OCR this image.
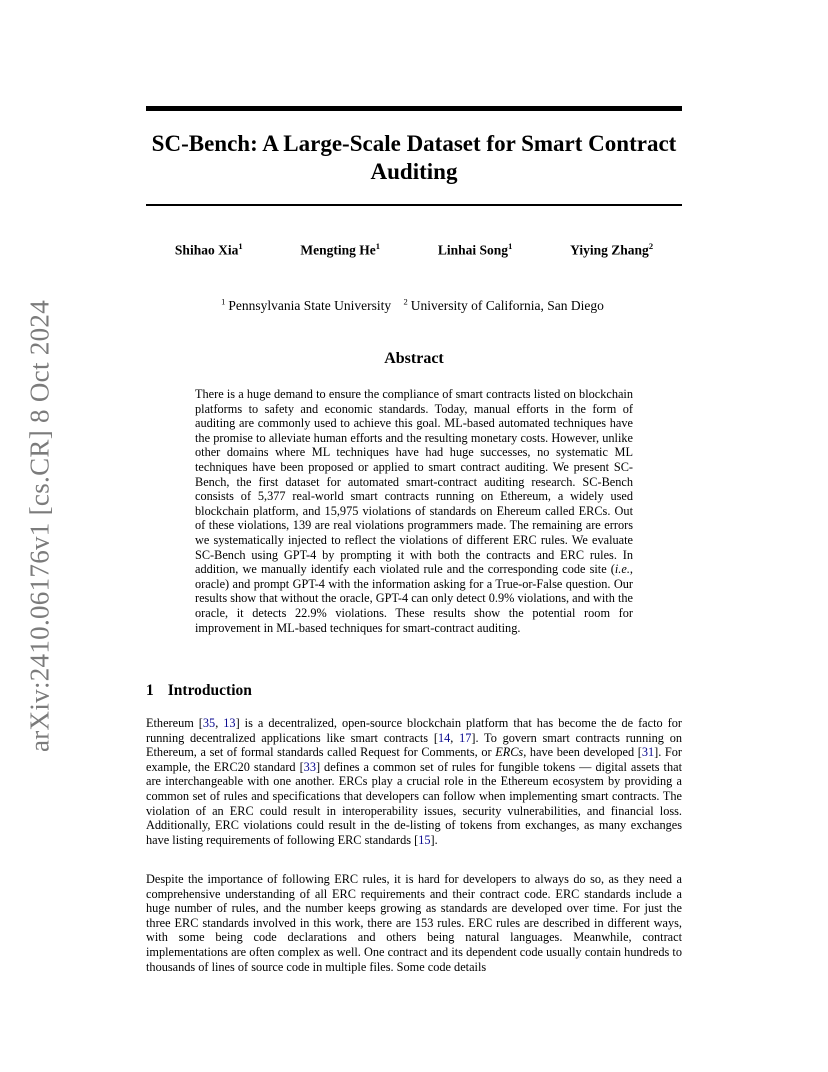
arXiv:2410.06176v1 [cs.CR] 8 Oct 2024
SC-Bench: A Large-Scale Dataset for Smart Contract Auditing
Shihao Xia$^1$	Mengting He$^1$	Linhai Song$^1$	Yiying Zhang$^2$
$^1$ Pennsylvania State University $^2$ University of California, San Diego
Abstract

There is a huge demand to ensure the compliance of smart contracts listed on blockchain platforms to safety and economic standards. Today, manual efforts in the form of auditing are commonly used to achieve this goal. ML-based automated techniques have the promise to alleviate human efforts and the resulting monetary costs. However, unlike other domains where ML techniques have had huge successes, no systematic ML techniques have been proposed or applied to smart contract auditing. We present SC-Bench, the first dataset for automated smart-contract auditing research. SC-Bench consists of 5,377 real-world smart contracts running on Ethereum, a widely used blockchain platform, and 15,975 violations of standards on Ehereum called ERCs. Out of these violations, 139 are real violations programmers made. The remaining are errors we systematically injected to reflect the violations of different ERC rules. We evaluate SC-Bench using GPT-4 by prompting it with both the contracts and ERC rules. In addition, we manually identify each violated rule and the corresponding code site (i.e., oracle) and prompt GPT-4 with the information asking for a True-or-False question. Our results show that without the oracle, GPT-4 can only detect 0.9% violations, and with the oracle, it detects 22.9% violations. These results show the potential room for improvement in ML-based techniques for smart-contract auditing.

1 Introduction

Ethereum [35, 13] is a decentralized, open-source blockchain platform that has become the de facto for running decentralized applications like smart contracts [14, 17]. To govern smart contracts running on Ethereum, a set of formal standards called Request for Comments, or ERCs, have been developed [31]. For example, the ERC20 standard [33] defines a common set of rules for fungible tokens — digital assets that are interchangeable with one another. ERCs play a crucial role in the Ethereum ecosystem by providing a common set of rules and specifications that developers can follow when implementing smart contracts. The violation of an ERC could result in interoperability issues, security vulnerabilities, and financial loss. Additionally, ERC violations could result in the de-listing of tokens from exchanges, as many exchanges have listing requirements of following ERC standards [15].

Despite the importance of following ERC rules, it is hard for developers to always do so, as they need a comprehensive understanding of all ERC requirements and their contract code. ERC standards include a huge number of rules, and the number keeps growing as standards are developed over time. For just the three ERC standards involved in this work, there are 153 rules. ERC rules are described in different ways, with some being code declarations and others being natural languages. Meanwhile, contract implementations are often complex as well. One contract and its dependent code usually contain hundreds to thousands of lines of source code in multiple files. Some code details
